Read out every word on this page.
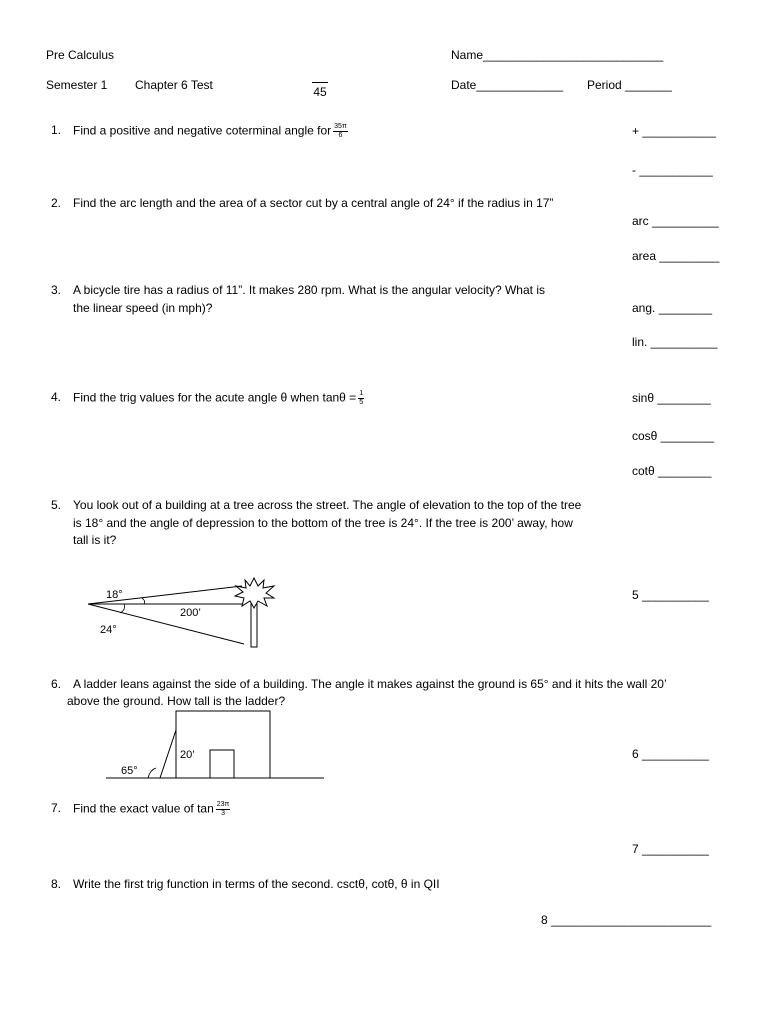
Pre Calculus	Name___________________________
Semester 1 Chapter 6 Test	45	Date_____________ Period _______
1. Find a positive and negative coterminal angle for $\frac{35\pi}{6}$	+ ___________
- ___________
2. Find the arc length and the area of a sector cut by a central angle of 24° if the radius in 17”
arc __________
area _________
3. A bicycle tire has a radius of 11”. It makes 280 rpm. What is the angular velocity? What is
the linear speed (in mph)?	ang. ________
lin. __________
4. Find the trig values for the acute angle θ when $\tan\theta = \frac{1}{5}$	sinθ ________
cosθ ________
cotθ ________
5. You look out of a building at a tree across the street. The angle of elevation to the top of the tree
is 18° and the angle of depression to the bottom of the tree is 24°. If the tree is 200’ away, how
tall is it?
18°
200’
24°
5 __________
6. A ladder leans against the side of a building. The angle it makes against the ground is 65° and it hits the wall 20’
above the ground. How tall is the ladder?
20’
65°
6 __________
7. Find the exact value of $\tan \frac{23\pi}{3}$
7 __________
8. Write the first trig function in terms of the second. csctθ, cotθ, θ in QII
8 ________________________
